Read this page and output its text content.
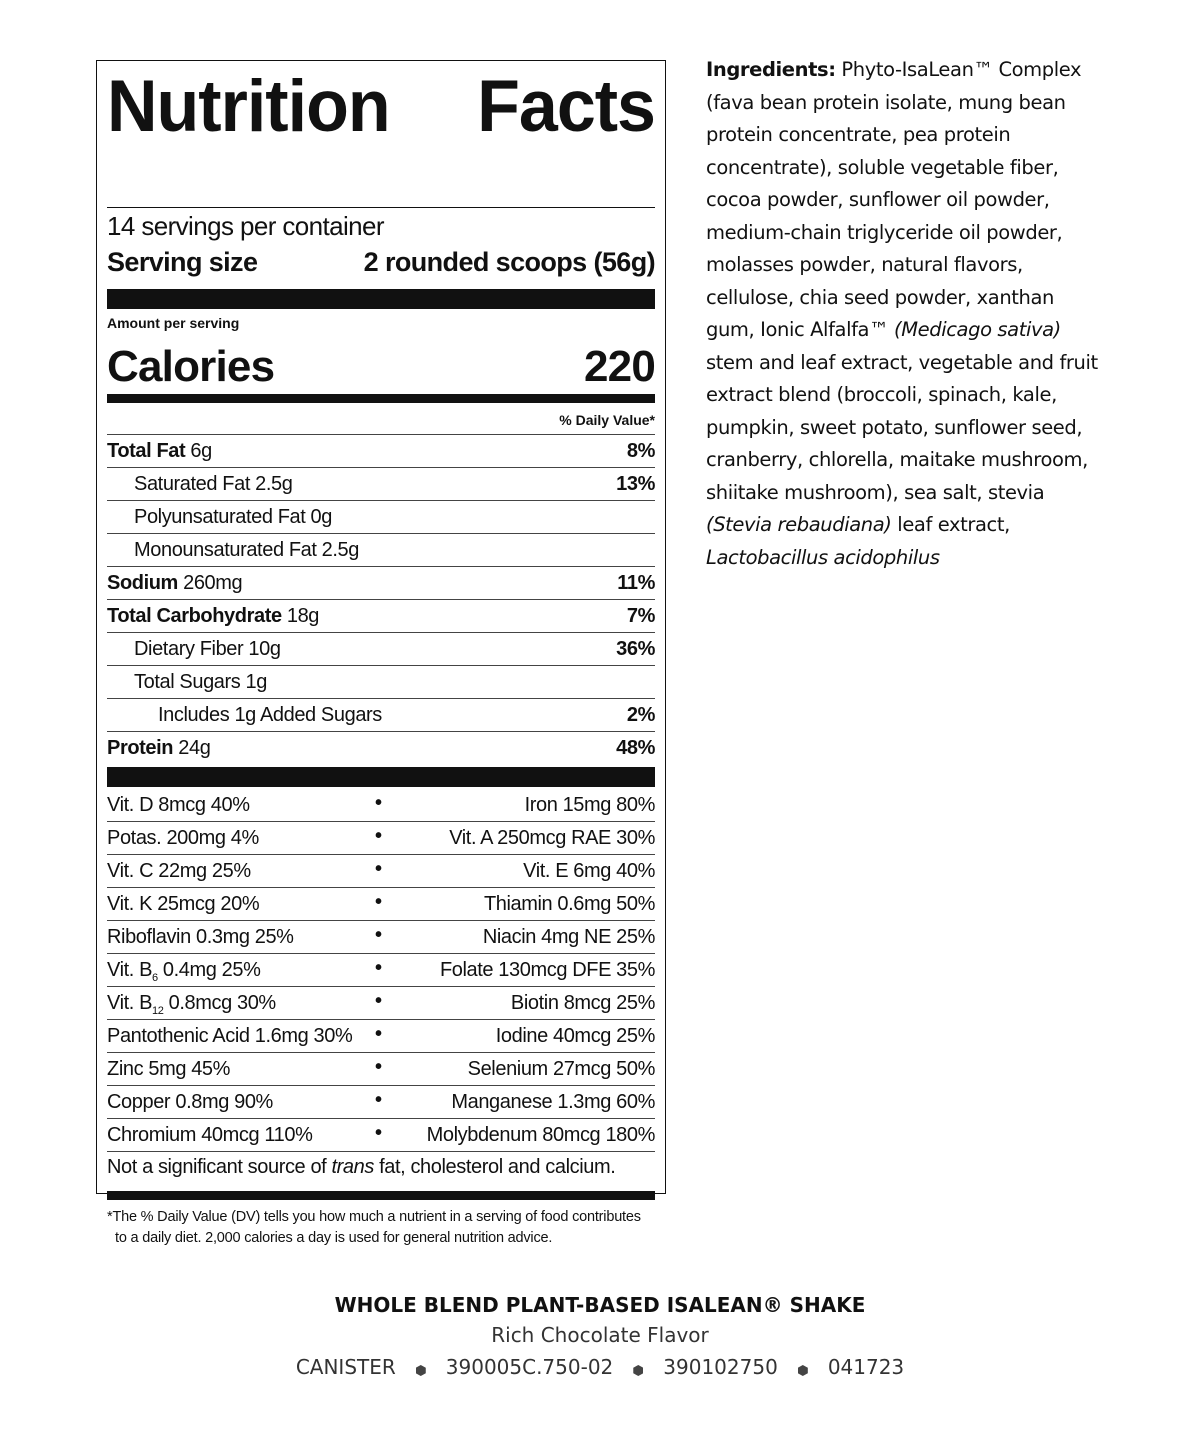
Nutrition Facts
14 servings per container
Serving size	2 rounded scoops (56g)
Amount per serving
Calories	220
% Daily Value*
Total Fat 6g	8%
Saturated Fat 2.5g	13%
Polyunsaturated Fat 0g
Monounsaturated Fat 2.5g
Sodium 260mg	11%
Total Carbohydrate 18g	7%
Dietary Fiber 10g	36%
Total Sugars 1g
Includes 1g Added Sugars	2%
Protein 24g	48%
Vit. D 8mcg 40%	•	Iron 15mg 80%
Potas. 200mg 4%	•	Vit. A 250mcg RAE 30%
Vit. C 22mg 25%	•	Vit. E 6mg 40%
Vit. K 25mcg 20%	•	Thiamin 0.6mg 50%
Riboflavin 0.3mg 25%	•	Niacin 4mg NE 25%
Vit. $B_6$ 0.4mg 25%	•	Folate 130mcg DFE 35%
Vit. $B_{12}$ 0.8mcg 30%	•	Biotin 8mcg 25%
Pantothenic Acid 1.6mg 30% •	Iodine 40mcg 25%
Zinc 5mg 45%	•	Selenium 27mcg 50%
Copper 0.8mg 90%	•	Manganese 1.3mg 60%
Chromium 40mcg 110%	• Molybdenum 80mcg 180%
Not a significant source of trans fat, cholesterol and calcium.
*The % Daily Value (DV) tells you how much a nutrient in a serving of food contributes
to a daily diet. 2,000 calories a day is used for general nutrition advice.
Ingredients: Phyto-IsaLean™ Complex (fava bean protein isolate, mung bean protein concentrate, pea protein concentrate), soluble vegetable fiber, cocoa powder, sunflower oil powder, medium-chain triglyceride oil powder, molasses powder, natural flavors, cellulose, chia seed powder, xanthan gum, Ionic Alfalfa™ (Medicago sativa) stem and leaf extract, vegetable and fruit extract blend (broccoli, spinach, kale, pumpkin, sweet potato, sunflower seed, cranberry, chlorella, maitake mushroom, shiitake mushroom), sea salt, stevia (Stevia rebaudiana) leaf extract, Lactobacillus acidophilus
WHOLE BLEND PLANT-BASED ISALEAN® SHAKE
Rich Chocolate Flavor
CANISTER	390005C.750-02	390102750	041723
